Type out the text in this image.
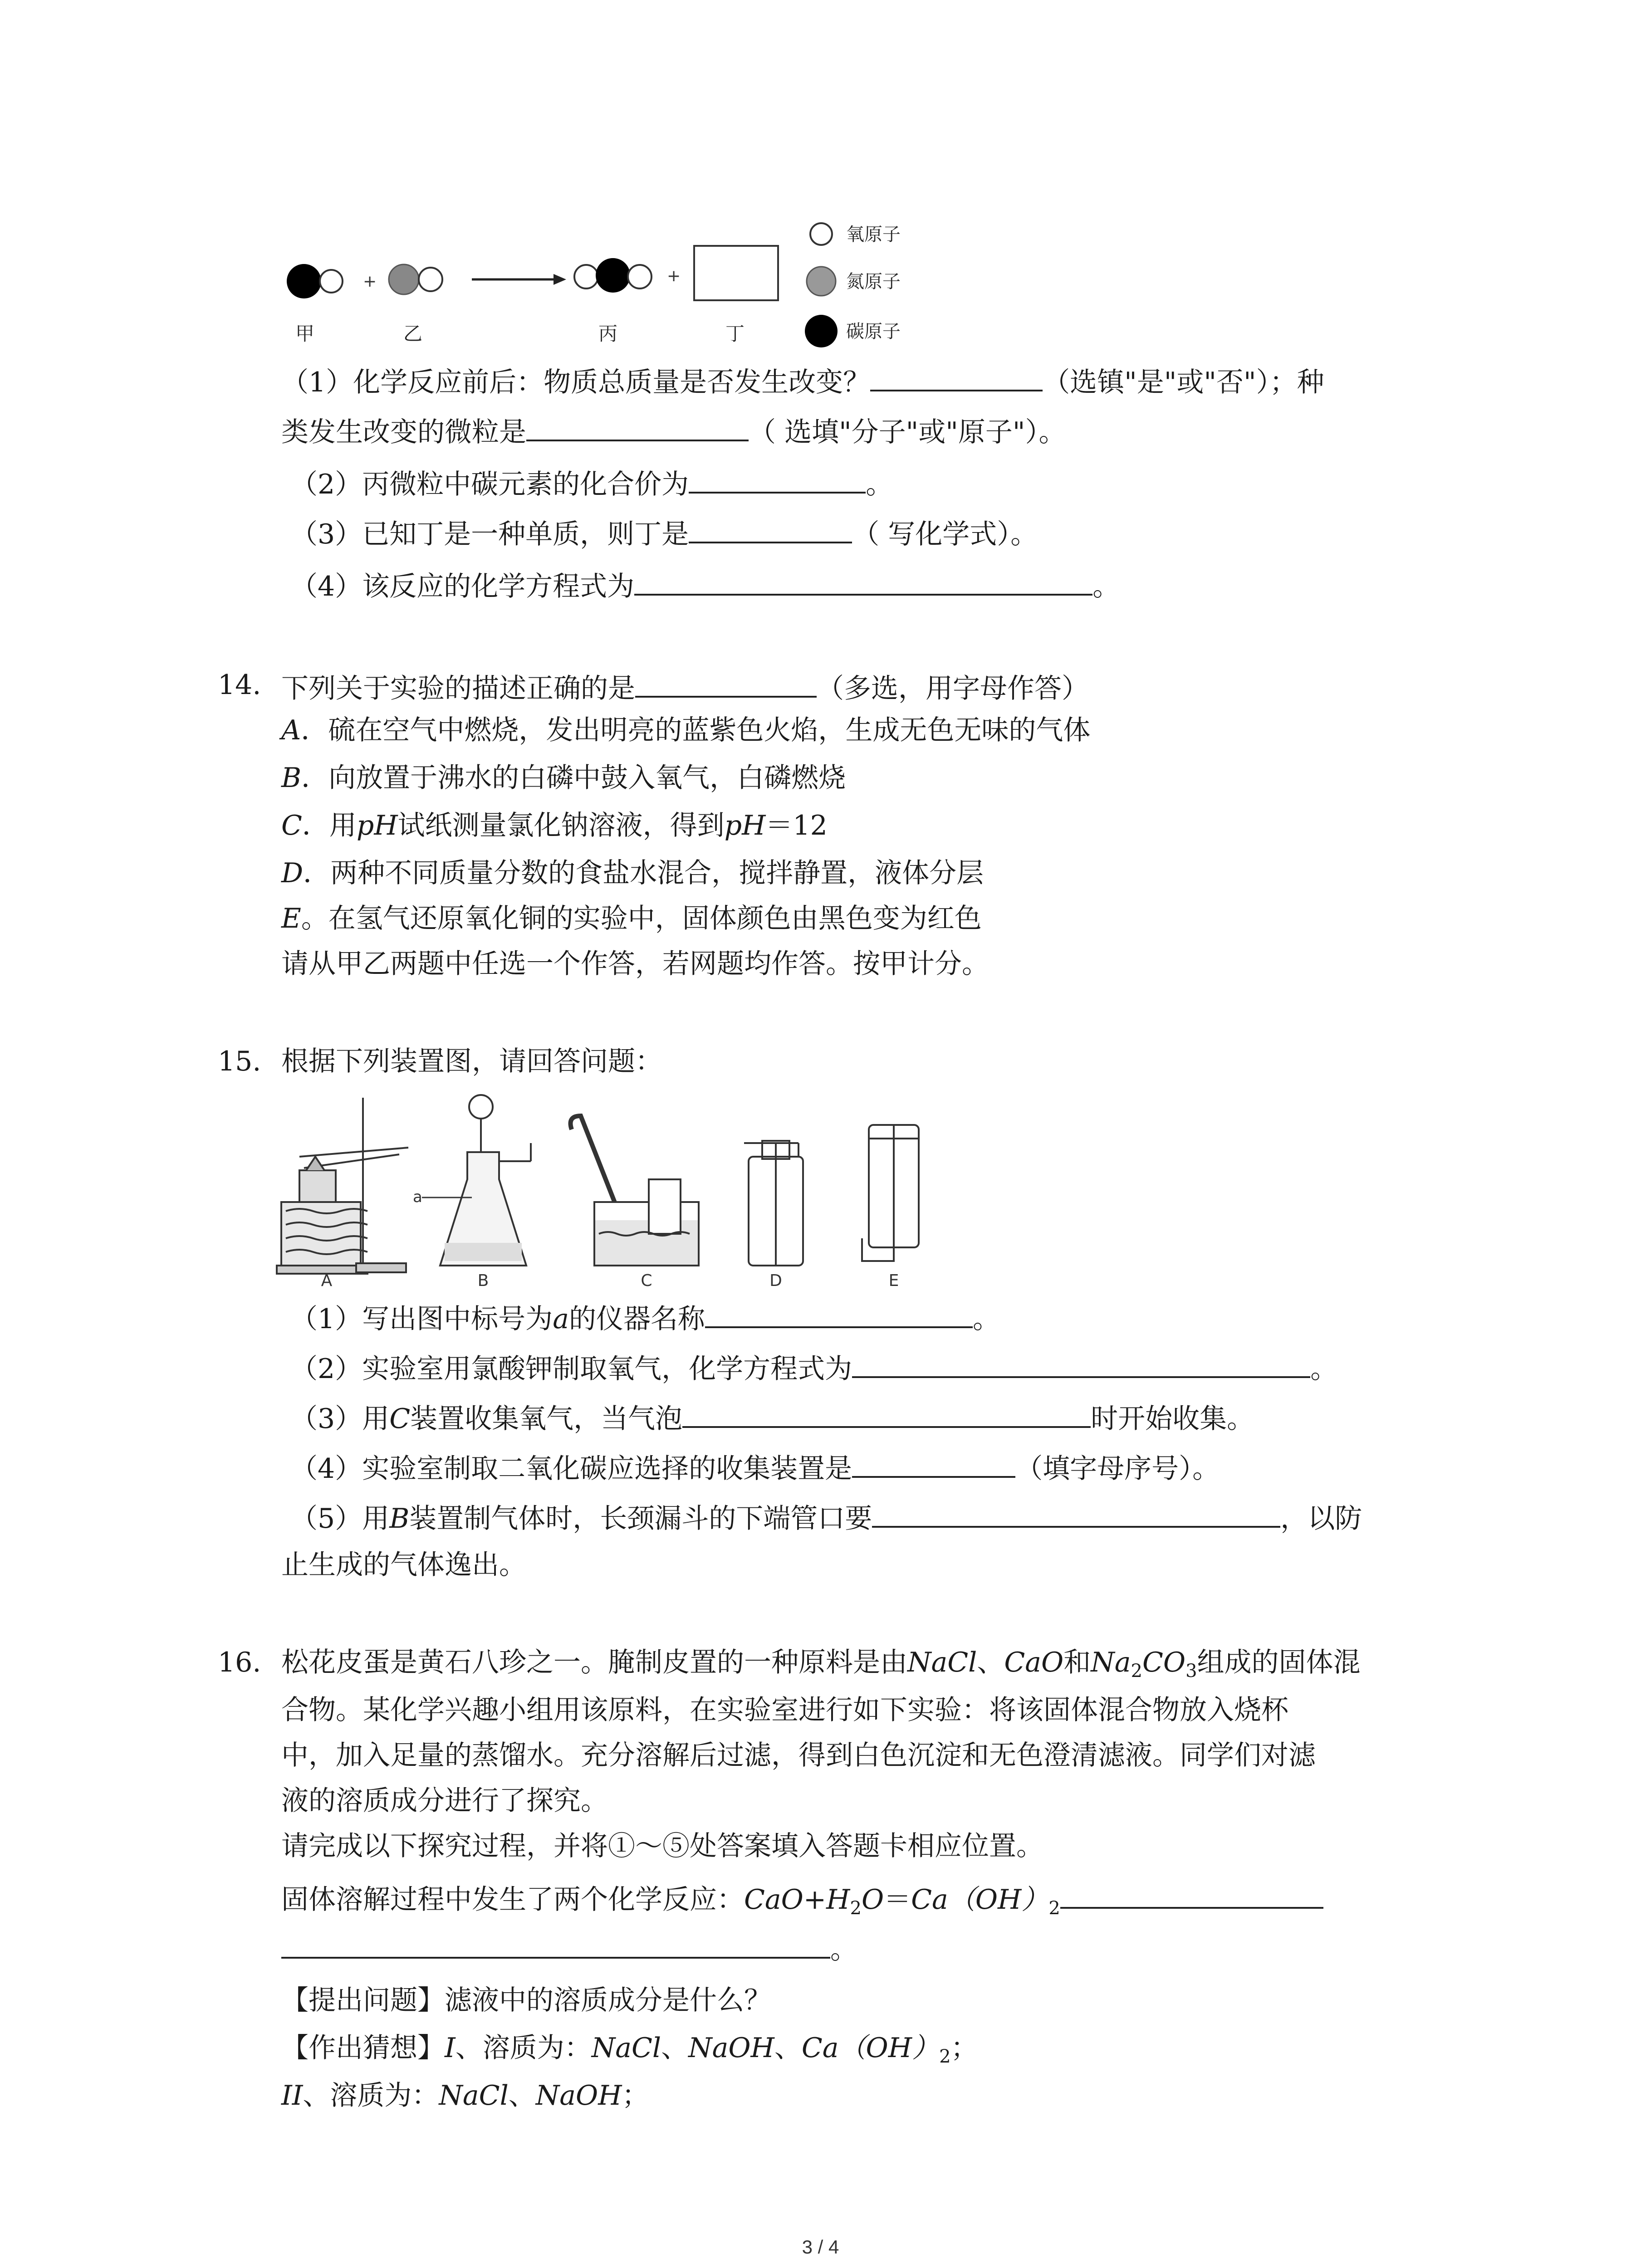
+	+
甲	乙	丙	丁
氧原子
氮原子
碳原子
（1）化学反应前后：物质总质量是否发生改变？	（选镇"是"或"否"）；种
类发生改变的微粒是	（ 选填"分子"或"原子"）。
（2）丙微粒中碳元素的化合价为	。
（3）已知丁是一种单质，则丁是	（ 写化学式）。
（4）该反应的化学方程式为	。
14. 下列关于实验的描述正确的是	（多选，用字母作答）
A．硫在空气中燃烧，发出明亮的蓝紫色火焰，生成无色无味的气体
B．向放置于沸水的白磷中鼓入氧气，白磷燃烧
C．用pH试纸测量氯化钠溶液，得到pH＝12
D．两种不同质量分数的食盐水混合，搅拌静置，液体分层
E。在氢气还原氧化铜的实验中，固体颜色由黑色变为红色
请从甲乙两题中任选一个作答，若网题均作答。按甲计分。
15. 根据下列装置图，请回答问题：
A
a
B	C	D	E
（1）写出图中标号为a的仪器名称	。
（2）实验室用氯酸钾制取氧气，化学方程式为	。
（3）用C装置收集氧气，当气泡	时开始收集。
（4）实验室制取二氧化碳应选择的收集装置是	（填字母序号）。
（5）用B装置制气体时，长颈漏斗的下端管口要	，以防
止生成的气体逸出。
16. 松花皮蛋是黄石八珍之一。腌制皮置的一种原料是由NaCl、CaO和$Na_2CO_3$组成的固体混
合物。某化学兴趣小组用该原料，在实验室进行如下实验：将该固体混合物放入烧杯
中，加入足量的蒸馏水。充分溶解后过滤，得到白色沉淀和无色澄清滤液。同学们对滤
液的溶质成分进行了探究。
请完成以下探究过程，并将①～⑤处答案填入答题卡相应位置。
固体溶解过程中发生了两个化学反应：$CaO+H_2O=Ca(OH)_2$
。
【提出问题】滤液中的溶质成分是什么？
【作出猜想】I、溶质为：NaCl、NaOH、$Ca(OH)_2$；
II、溶质为：NaCl、NaOH；
3 / 4
